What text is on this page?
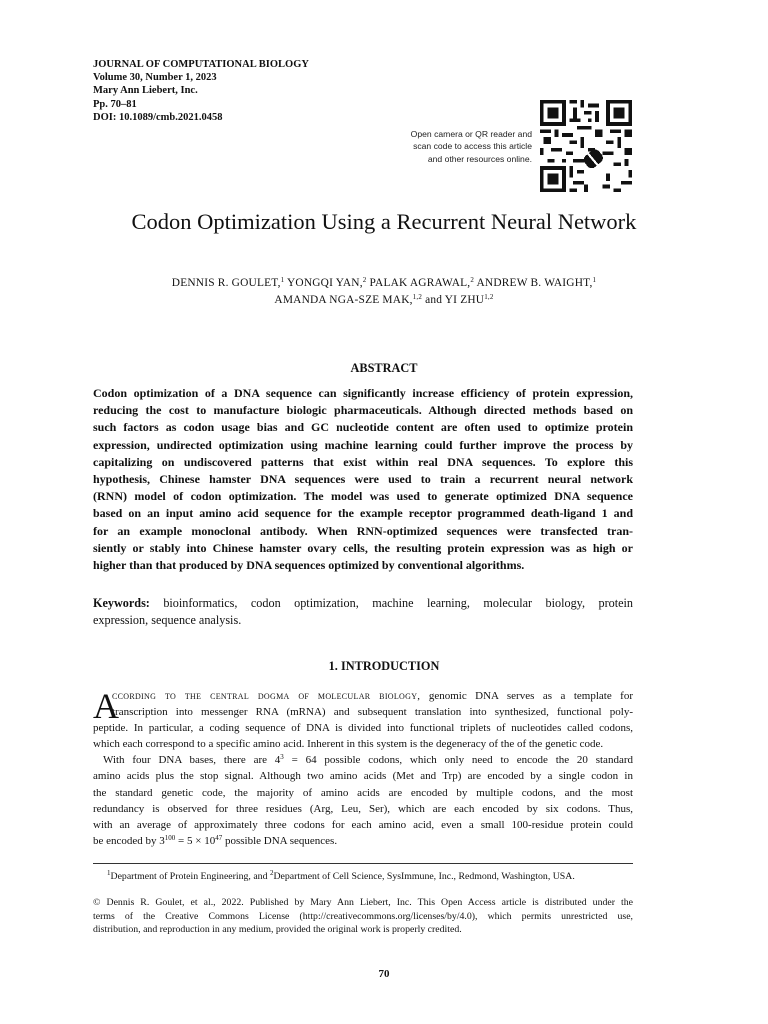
JOURNAL OF COMPUTATIONAL BIOLOGY
Volume 30, Number 1, 2023
Mary Ann Liebert, Inc.
Pp. 70–81
DOI: 10.1089/cmb.2021.0458
Open camera or QR reader and
scan code to access this article
and other resources online.
Codon Optimization Using a Recurrent Neural Network
DENNIS R. GOULET,$^1$ YONGQI YAN,$^2$ PALAK AGRAWAL,$^2$ ANDREW B. WAIGHT,$^1$
AMANDA NGA-SZE MAK,$^{1,2}$ and YI ZHU$^{1,2}$
ABSTRACT
Codon optimization of a DNA sequence can significantly increase efficiency of protein expression,
reducing the cost to manufacture biologic pharmaceuticals. Although directed methods based on
such factors as codon usage bias and GC nucleotide content are often used to optimize protein
expression, undirected optimization using machine learning could further improve the process by
capitalizing on undiscovered patterns that exist within real DNA sequences. To explore this
hypothesis, Chinese hamster DNA sequences were used to train a recurrent neural network
(RNN) model of codon optimization. The model was used to generate optimized DNA sequence
based on an input amino acid sequence for the example receptor programmed death-ligand 1 and
for an example monoclonal antibody. When RNN-optimized sequences were transfected tran-
siently or stably into Chinese hamster ovary cells, the resulting protein expression was as high or
higher than that produced by DNA sequences optimized by conventional algorithms.
Keywords: bioinformatics, codon optimization, machine learning, molecular biology, protein
expression, sequence analysis.
1. INTRODUCTION
A
ccording to the central dogma of molecular biology, genomic DNA serves as a template for
transcription into messenger RNA (mRNA) and subsequent translation into synthesized, functional poly-
peptide. In particular, a coding sequence of DNA is divided into functional triplets of nucleotides called codons,
which each correspond to a specific amino acid. Inherent in this system is the degeneracy of the of the genetic code.
With four DNA bases, there are $4^3 = 64$ possible codons, which only need to encode the 20 standard
amino acids plus the stop signal. Although two amino acids (Met and Trp) are encoded by a single codon in
the standard genetic code, the majority of amino acids are encoded by multiple codons, and the most
redundancy is observed for three residues (Arg, Leu, Ser), which are each encoded by six codons. Thus,
with an average of approximately three codons for each amino acid, even a small 100-residue protein could
be encoded by $3^{100} = 5 \times 10^{47}$ possible DNA sequences.
$^1$Department of Protein Engineering, and $^2$Department of Cell Science, SysImmune, Inc., Redmond, Washington, USA.
© Dennis R. Goulet, et al., 2022. Published by Mary Ann Liebert, Inc. This Open Access article is distributed under the
terms of the Creative Commons License (http://creativecommons.org/licenses/by/4.0), which permits unrestricted use,
distribution, and reproduction in any medium, provided the original work is properly credited.
70
